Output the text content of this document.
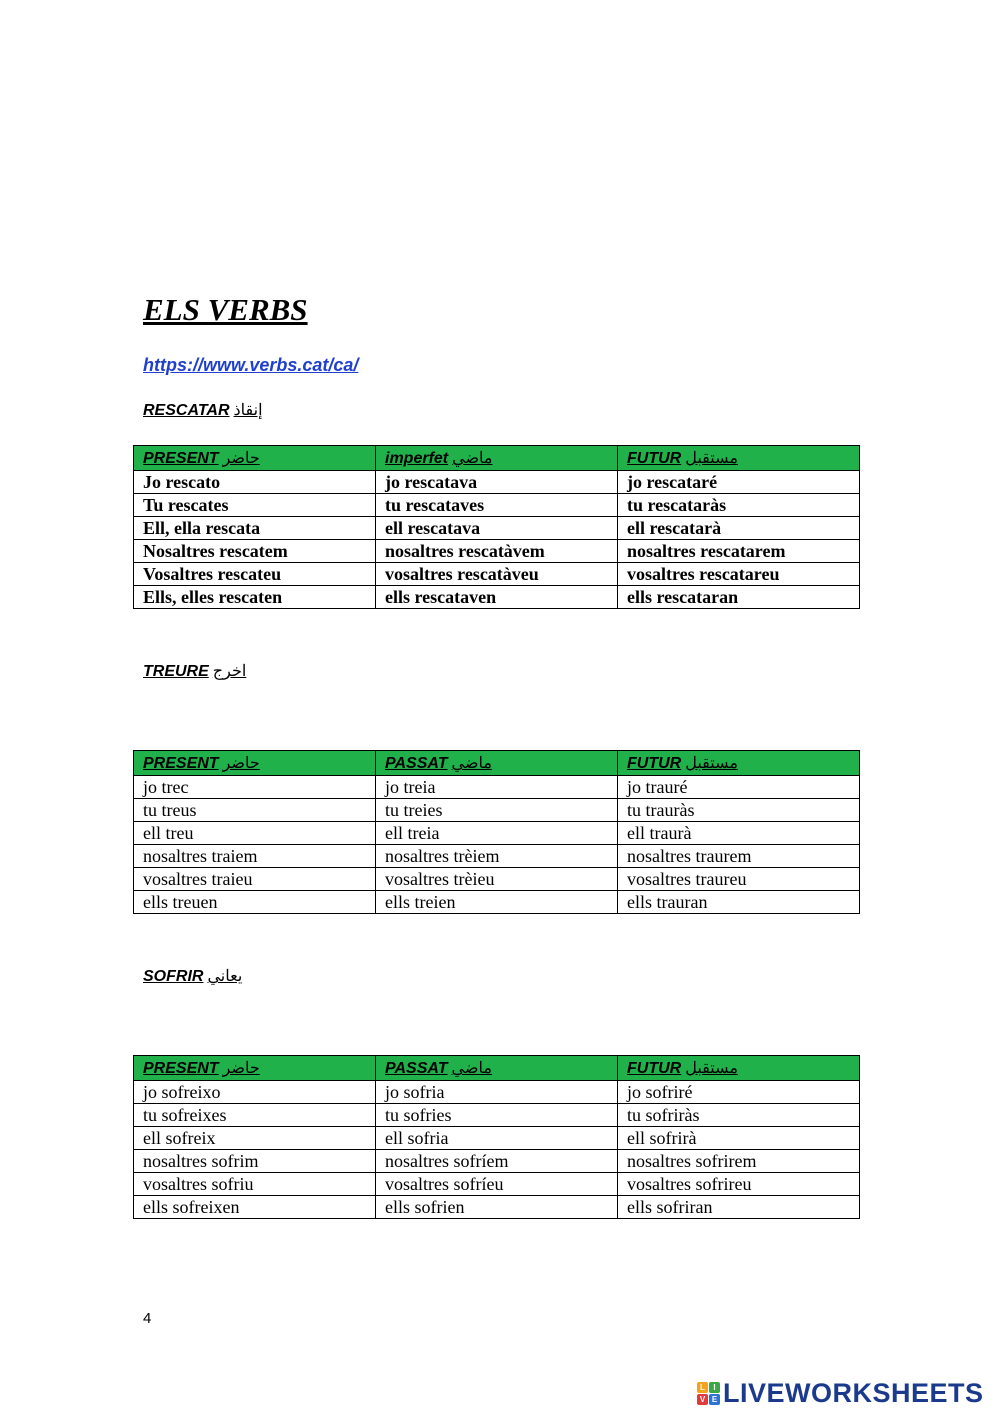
ELS VERBS
https://www.verbs.cat/ca/
RESCATAR إنقاذ
PRESENT حاضر	imperfet ماضي	FUTUR مستقبل
Jo rescato	jo rescatava	jo rescataré
Tu rescates	tu rescataves	tu rescataràs
Ell, ella rescata	ell rescatava	ell rescatarà
Nosaltres rescatem	nosaltres rescatàvem	nosaltres rescatarem
Vosaltres rescateu	vosaltres rescatàveu	vosaltres rescatareu
Ells, elles rescaten	ells rescataven	ells rescataran
TREURE اخرج
PRESENT حاضر	PASSAT ماضي	FUTUR مستقبل
jo trec	jo treia	jo trauré
tu treus	tu treies	tu trauràs
ell treu	ell treia	ell traurà
nosaltres traiem	nosaltres trèiem	nosaltres traurem
vosaltres traieu	vosaltres trèieu	vosaltres traureu
ells treuen	ells treien	ells trauran
SOFRIR يعاني
PRESENT حاضر	PASSAT ماضي	FUTUR مستقبل
jo sofreixo	jo sofria	jo sofriré
tu sofreixes	tu sofries	tu sofriràs
ell sofreix	ell sofria	ell sofrirà
nosaltres sofrim	nosaltres sofríem	nosaltres sofrirem
vosaltres sofriu	vosaltres sofríeu	vosaltres sofrireu
ells sofreixen	ells sofrien	ells sofriran
4
L	I
V E LIVEWORKSHEETS
